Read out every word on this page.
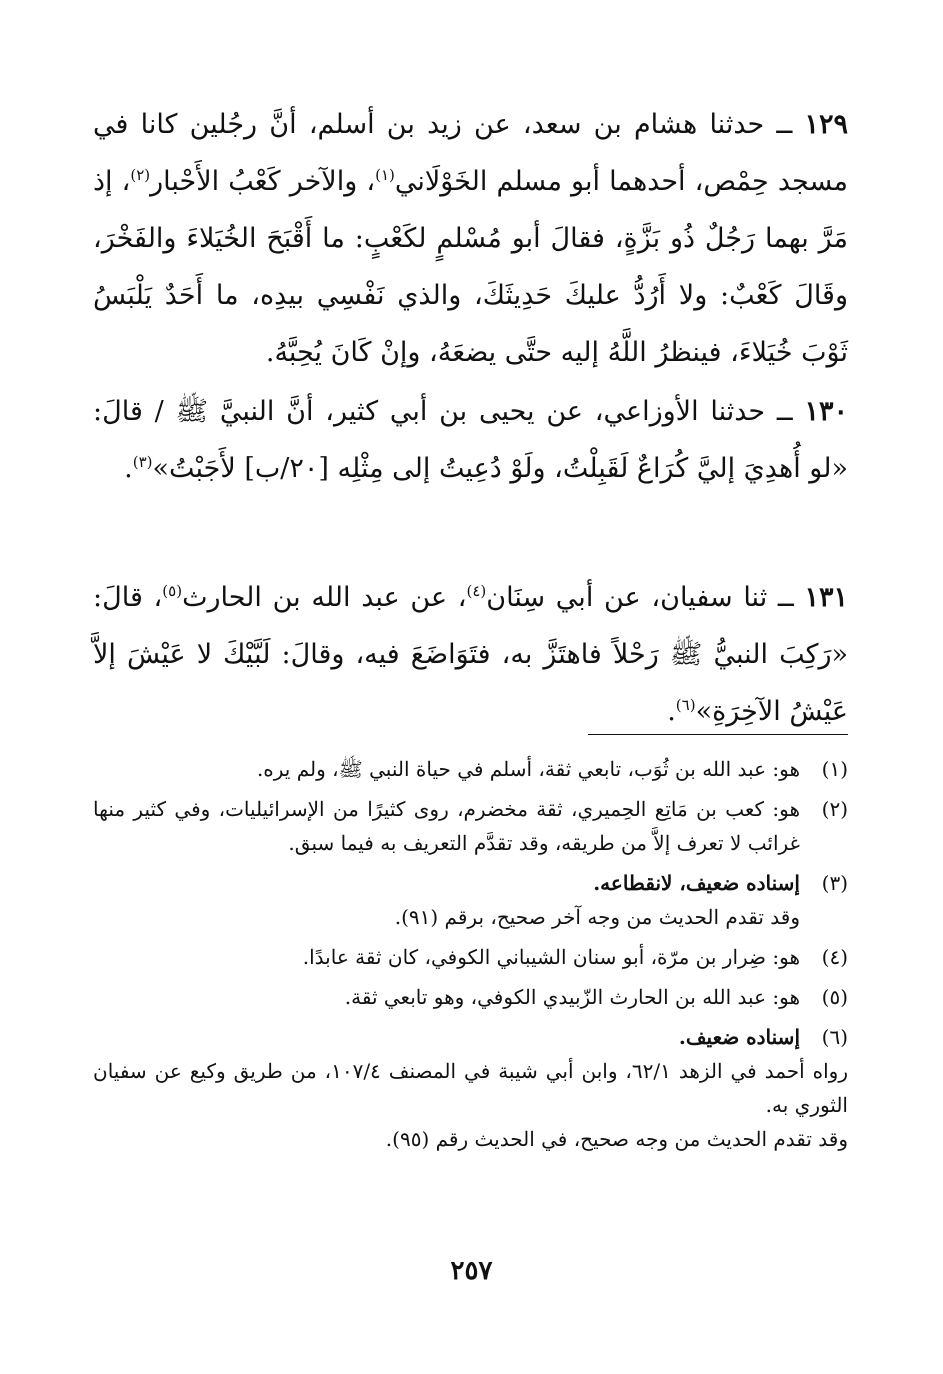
١٢٩ ــ حدثنا هشام بن سعد، عن زيد بن أسلم، أنَّ رجُلين كانا في مسجد حِمْص، أحدهما أبو مسلم الخَوْلَاني$^{(١)}$، والآخر كَعْبُ الأَحْبار$^{(٢)}$، إذ مَرَّ بهما رَجُلٌ ذُو بَزَّةٍ، فقالَ أبو مُسْلمٍ لكَعْبٍ: ما أَقْبَحَ الخُيَلاءَ والفَخْرَ، وقَالَ كَعْبٌ: ولا أَرُدُّ عليكَ حَدِيثَكَ، والذي نَفْسِي بيدِه، ما أَحَدٌ يَلْبَسُ ثَوْبَ خُيَلاءَ، فينظرُ اللَّهُ إليه حتَّى يضعَهُ، وإنْ كَانَ يُحِبَّهُ.
١٣٠ ــ حدثنا الأوزاعي، عن يحيى بن أبي كثير، أنَّ النبيَّ ﷺ / قالَ: «لو أُهدِيَ إليَّ كُرَاعٌ لَقَبِلْتُ، ولَوْ دُعِيتُ إلى مِثْلِه [٢٠/ب] لأَجَبْتُ»$^{(٣)}$.
١٣١ ــ ثنا سفيان، عن أبي سِنَان$^{(٤)}$، عن عبد الله بن الحارث$^{(٥)}$، قالَ: «رَكِبَ النبيُّ ﷺ رَحْلاً فاهتَزَّ به، فتَوَاضَعَ فيه، وقالَ: لَبَّيْكَ لا عَيْشَ إلاَّ عَيْشُ الآخِرَةِ»$^{(٦)}$.
(١)
هو: عبد الله بن ثُوَب، تابعي ثقة، أسلم في حياة النبي ﷺ، ولم يره.
(٢)
هو: كعب بن مَاتِع الحِميري، ثقة مخضرم، روى كثيرًا من الإسرائيليات، وفي كثير منها غرائب لا تعرف إلاَّ من طريقه، وقد تقدَّم التعريف به فيما سبق.
(٣)
إسناده ضعيف، لانقطاعه.
وقد تقدم الحديث من وجه آخر صحيح، برقم (٩١).
(٤)
هو: ضِرار بن مرّة، أبو سنان الشيباني الكوفي، كان ثقة عابدًا.
(٥)
هو: عبد الله بن الحارث الزّبيدي الكوفي، وهو تابعي ثقة.
(٦)
إسناده ضعيف.
رواه أحمد في الزهد ٦٢/١، وابن أبي شيبة في المصنف ١٠٧/٤، من طريق وكيع عن سفيان الثوري به.
وقد تقدم الحديث من وجه صحيح، في الحديث رقم (٩٥).
٢٥٧
